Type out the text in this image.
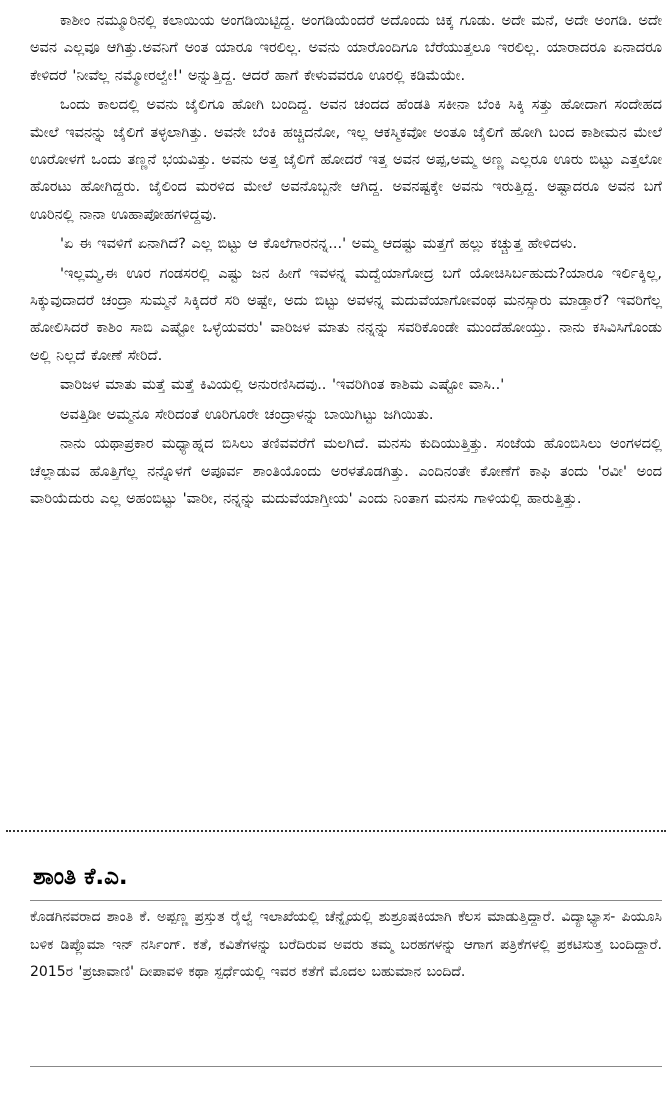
ಕಾಶೀಂ ನಮ್ಮೂರಿನಲ್ಲಿ ಕಲಾಯಿಯ ಅಂಗಡಿಯಿಟ್ಟಿದ್ದ. ಅಂಗಡಿಯೆಂದರೆ ಅದೊಂದು ಚಿಕ್ಕ ಗೂಡು. ಅದೇ ಮನೆ, ಅದೇ ಅಂಗಡಿ. ಅದೇ ಅವನ ಎಲ್ಲವೂ ಆಗಿತ್ತು.ಅವನಿಗೆ ಅಂತ ಯಾರೂ ಇರಲಿಲ್ಲ. ಅವನು ಯಾರೊಂದಿಗೂ ಬೆರೆಯುತ್ತಲೂ ಇರಲಿಲ್ಲ. ಯಾರಾದರೂ ಏನಾದರೂ ಕೇಳಿದರೆ 'ನೀವೆಲ್ಲ ನಮ್ಮೋರಲ್ವೇ!' ಅನ್ನುತ್ತಿದ್ದ. ಆದರೆ ಹಾಗೆ ಕೇಳುವವರೂ ಊರಲ್ಲಿ ಕಡಿಮೆಯೇ.

ಒಂದು ಕಾಲದಲ್ಲಿ ಅವನು ಜೈಲಿಗೂ ಹೋಗಿ ಬಂದಿದ್ದ. ಅವನ ಚಂದದ ಹೆಂಡತಿ ಸಕೀನಾ ಬೆಂಕಿ ಸಿಕ್ಕಿ ಸತ್ತು ಹೋದಾಗ ಸಂದೇಹದ ಮೇಲೆ ಇವನನ್ನು ಜೈಲಿಗೆ ತಳ್ಳಲಾಗಿತ್ತು. ಅವನೇ ಬೆಂಕಿ ಹಚ್ಚಿದನೋ, ಇಲ್ಲ ಆಕಸ್ಮಿಕವೋ ಅಂತೂ ಜೈಲಿಗೆ ಹೋಗಿ ಬಂದ ಕಾಶೀಮನ ಮೇಲೆ ಊರೋಳಗೆ ಒಂದು ತಣ್ಣನೆ ಭಯವಿತ್ತು. ಅವನು ಅತ್ತ ಜೈಲಿಗೆ ಹೋದರೆ ಇತ್ತ ಅವನ ಅಪ್ಪ,ಅಮ್ಮ ಅಣ್ಣ ಎಲ್ಲರೂ ಊರು ಬಿಟ್ಟು ಎತ್ತಲೋ ಹೊರಟು ಹೋಗಿದ್ದರು. ಜೈಲಿಂದ ಮರಳಿದ ಮೇಲೆ ಅವನೊಬ್ಬನೇ ಆಗಿದ್ದ. ಅವನಷ್ಟಕ್ಕೇ ಅವನು ಇರುತ್ತಿದ್ದ. ಅಷ್ಟಾದರೂ ಅವನ ಬಗೆ ಊರಿನಲ್ಲಿ ನಾನಾ ಊಹಾಪೋಹಗಳಿದ್ದವು.

'ಏ ಈ ಇವಳಿಗೆ ಏನಾಗಿದೆ? ಎಲ್ಲ ಬಿಟ್ಟು ಆ ಕೊಲೆಗಾರನನ್ನ...' ಅಮ್ಮ ಆದಷ್ಟು ಮತ್ತಗೆ ಹಲ್ಲು ಕಚ್ಚುತ್ತ ಹೇಳಿದಳು.

'ಇಲ್ಲಮ್ಮ,ಈ ಊರ ಗಂಡಸರಲ್ಲಿ ಎಷ್ಟು ಜನ ಹೀಗೆ ಇವಳನ್ನ ಮದ್ವೆಯಾಗೋದ್ರ ಬಗೆ ಯೋಚಿಸಿರ್ಬಹುದು?ಯಾರೂ ಇರ್ಲಿಕ್ಕಿಲ್ಲ, ಸಿಕ್ಕುವುದಾದರೆ ಚಂದ್ರಾ ಸುಮ್ಮನೆ ಸಿಕ್ಕಿದರೆ ಸರಿ ಅಷ್ಟೇ, ಅದು ಬಿಟ್ಟು ಅವಳನ್ನ ಮದುವೆಯಾಗೋವಂಥ ಮನಸ್ಸಾರು ಮಾಡ್ತಾರೆ? ಇವರಿಗೆಲ್ಲ ಹೋಲಿಸಿದರೆ ಕಾಶಿಂ ಸಾಬಿ ಎಷ್ಟೋ ಒಳ್ಳೆಯವರು' ವಾರಿಜಳ ಮಾತು ನನ್ನನ್ನು ಸವರಿಕೊಂಡೇ ಮುಂದೆಹೋಯ್ತು. ನಾನು ಕಸಿವಿಸಿಗೊಂಡು ಅಲ್ಲಿ ನಿಲ್ಲದೆ ಕೋಣೆ ಸೇರಿದೆ.

ವಾರಿಜಳ ಮಾತು ಮತ್ತೆ ಮತ್ತೆ ಕಿವಿಯಲ್ಲಿ ಅನುರಣಿಸಿದವು.. 'ಇವರಿಗಿಂತ ಕಾಶಿಮ ಎಷ್ಟೋ ವಾಸಿ..'

ಅವತ್ತಿಡೀ ಅಮ್ಮನೂ ಸೇರಿದಂತೆ ಊರಿಗೂರೇ ಚಂದ್ರಾಳನ್ನು ಬಾಯಿಗಿಟ್ಟು ಜಗಿಯಿತು.

ನಾನು ಯಥಾಪ್ರಕಾರ ಮಧ್ಯಾಹ್ನದ ಬಿಸಿಲು ತಣಿವವರೆಗೆ ಮಲಗಿದೆ. ಮನಸು ಕುದಿಯುತ್ತಿತ್ತು. ಸಂಜೆಯ ಹೊಂಬಿಸಿಲು ಅಂಗಳದಲ್ಲಿ ಚೆಲ್ಲಾಡುವ ಹೊತ್ತಿಗೆಲ್ಲ ನನ್ನೊಳಗೆ ಅಪೂರ್ವ ಶಾಂತಿಯೊಂದು ಅರಳತೊಡಗಿತ್ತು. ಎಂದಿನಂತೇ ಕೋಣೆಗೆ ಕಾಫಿ ತಂದು 'ರವೀ' ಅಂದ ವಾರಿಯೆದುರು ಎಲ್ಲ ಅಹಂಬಿಟ್ಟು 'ವಾರೀ, ನನ್ನನ್ನು ಮದುವೆಯಾಗ್ತೀಯ' ಎಂದು ನಿಂತಾಗ ಮನಸು ಗಾಳಿಯಲ್ಲಿ ಹಾರುತ್ತಿತ್ತು.

ಶಾಂತಿ ಕೆ.ಎ.

ಕೊಡಗಿನವರಾದ ಶಾಂತಿ ಕೆ. ಅಪ್ಪಣ್ಣ ಪ್ರಸ್ತುತ ರೈಲ್ವೆ ಇಲಾಖೆಯಲ್ಲಿ ಚೆನ್ನೈಯಲ್ಲಿ ಶುಶ್ರೂಷಕಿಯಾಗಿ ಕೆಲಸ ಮಾಡುತ್ತಿದ್ದಾರೆ. ವಿದ್ಯಾಭ್ಯಾಸ- ಪಿಯೂಸಿ ಬಳಿಕ ಡಿಪ್ಲೊಮಾ ಇನ್ ನರ್ಸಿಂಗ್. ಕತೆ, ಕವಿತೆಗಳನ್ನು ಬರೆದಿರುವ ಅವರು ತಮ್ಮ ಬರಹಗಳನ್ನು ಆಗಾಗ ಪತ್ರಿಕೆಗಳಲ್ಲಿ ಪ್ರಕಟಿಸುತ್ತ ಬಂದಿದ್ದಾರೆ. 2015ರ 'ಪ್ರಜಾವಾಣಿ' ದೀಪಾವಳಿ ಕಥಾ ಸ್ಪರ್ಧೆಯಲ್ಲಿ ಇವರ ಕತೆಗೆ ಮೊದಲ ಬಹುಮಾನ ಬಂದಿದೆ.
